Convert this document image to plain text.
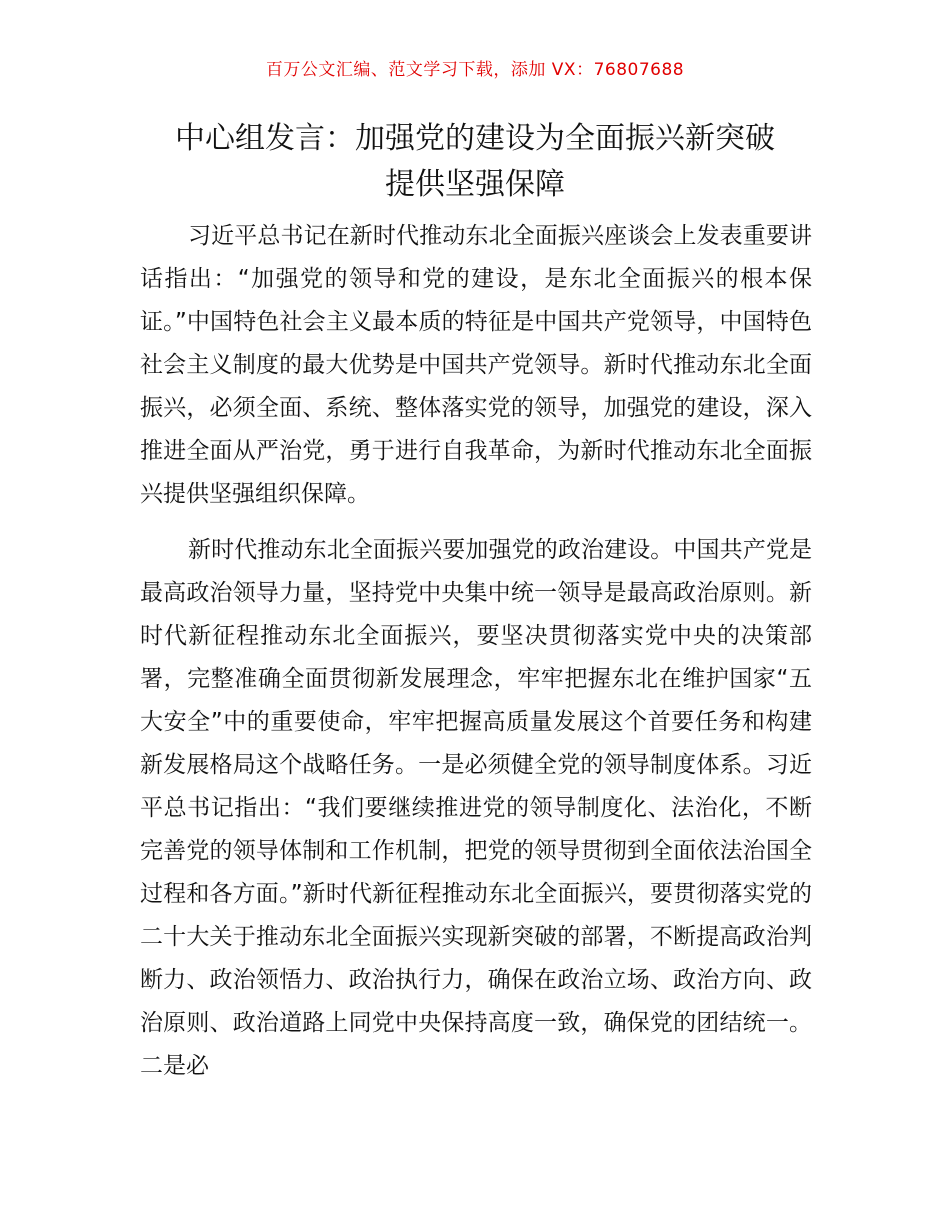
百万公文汇编、范文学习下载，添加 VX：76807688
中心组发言：加强党的建设为全面振兴新突破
提供坚强保障

习近平总书记在新时代推动东北全面振兴座谈会上发表重要讲话指出：“加强党的领导和党的建设，是东北全面振兴的根本保证。”中国特色社会主义最本质的特征是中国共产党领导，中国特色社会主义制度的最大优势是中国共产党领导。新时代推动东北全面振兴，必须全面、系统、整体落实党的领导，加强党的建设，深入推进全面从严治党，勇于进行自我革命，为新时代推动东北全面振兴提供坚强组织保障。

新时代推动东北全面振兴要加强党的政治建设。中国共产党是最高政治领导力量，坚持党中央集中统一领导是最高政治原则。新时代新征程推动东北全面振兴，要坚决贯彻落实党中央的决策部署，完整准确全面贯彻新发展理念，牢牢把握东北在维护国家“五大安全”中的重要使命，牢牢把握高质量发展这个首要任务和构建新发展格局这个战略任务。一是必须健全党的领导制度体系。习近平总书记指出：“我们要继续推进党的领导制度化、法治化，不断完善党的领导体制和工作机制，把党的领导贯彻到全面依法治国全过程和各方面。”新时代新征程推动东北全面振兴，要贯彻落实党的二十大关于推动东北全面振兴实现新突破的部署，不断提高政治判断力、政治领悟力、政治执行力，确保在政治立场、政治方向、政治原则、政治道路上同党中央保持高度一致，确保党的团结统一。二是必
